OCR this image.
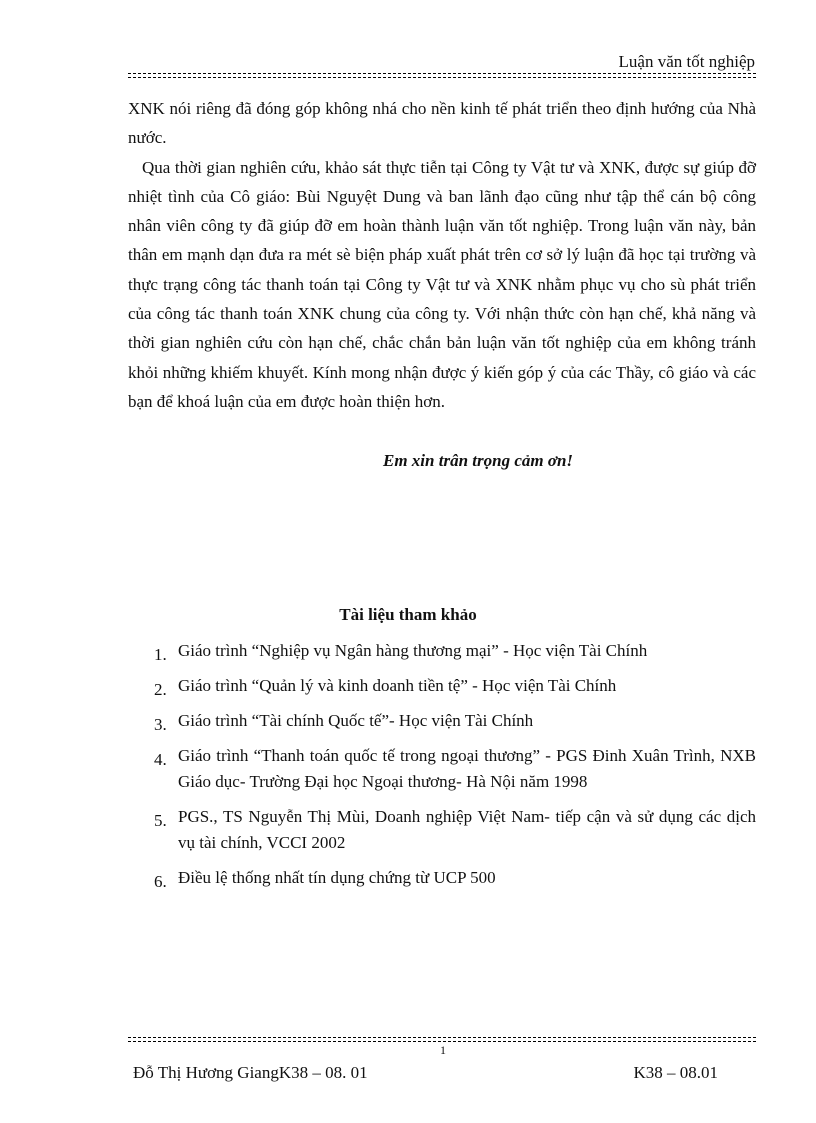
Luận văn tốt nghiệp

XNK nói riêng đã đóng góp không nhá cho nền kinh tế phát triển theo định hướng của Nhà nước.

Qua thời gian nghiên cứu, khảo sát thực tiễn tại Công ty Vật tư và XNK, được sự giúp đỡ nhiệt tình của Cô giáo: Bùi Nguyệt Dung và ban lãnh đạo cũng như tập thể cán bộ công nhân viên công ty đã giúp đỡ em hoàn thành luận văn tốt nghiệp. Trong luận văn này, bản thân em mạnh dạn đưa ra mét sè biện pháp xuất phát trên cơ sở lý luận đã học tại trường và thực trạng công tác thanh toán tại Công ty Vật tư và XNK nhằm phục vụ cho sù phát triển của công tác thanh toán XNK chung của công ty. Với nhận thức còn hạn chế, khả năng và thời gian nghiên cứu còn hạn chế, chắc chắn bản luận văn tốt nghiệp của em không tránh khỏi những khiếm khuyết. Kính mong nhận được ý kiến góp ý của các Thầy, cô giáo và các bạn để khoá luận của em được hoàn thiện hơn.

Em xin trân trọng cảm ơn!
Tài liệu tham khảo
1. Giáo trình “Nghiệp vụ Ngân hàng thương mại” - Học viện Tài Chính
2. Giáo trình “Quản lý và kinh doanh tiền tệ” - Học viện Tài Chính
3. Giáo trình “Tài chính Quốc tế”- Học viện Tài Chính
4. Giáo trình “Thanh toán quốc tế trong ngoại thương” - PGS Đinh Xuân Trình, NXB Giáo dục- Trường Đại học Ngoại thương- Hà Nội năm 1998
5. PGS., TS Nguyễn Thị Mùi, Doanh nghiệp Việt Nam- tiếp cận và sử dụng các dịch vụ tài chính, VCCI 2002
6. Điều lệ thống nhất tín dụng chứng từ UCP 500
1
Đỗ Thị Hương GiangK38 – 08. 01	K38 – 08.01
